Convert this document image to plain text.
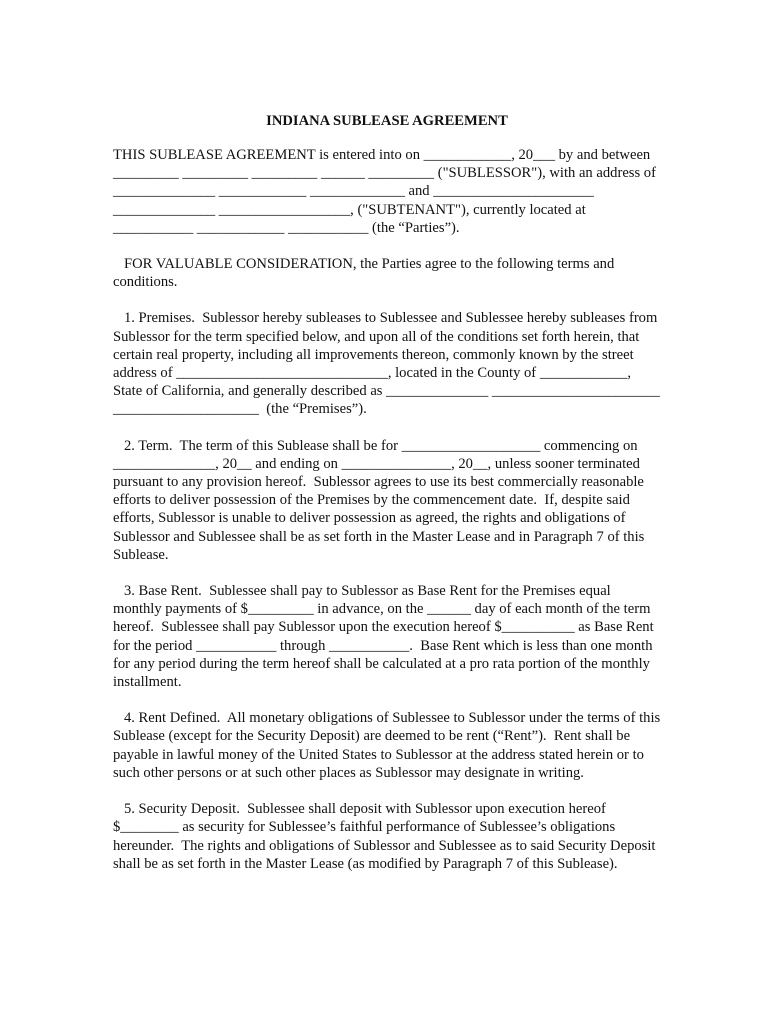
INDIANA SUBLEASE AGREEMENT

THIS SUBLEASE AGREEMENT is entered into on ____________, 20___ by and between _________ _________ _________ ______ _________ ("SUBLESSOR"), with an address of ______________ ____________ _____________ and ______________________ ______________ __________________, ("SUBTENANT"), currently located at ___________ ____________ ___________ (the “Parties”).

FOR VALUABLE CONSIDERATION, the Parties agree to the following terms and conditions.

1. Premises.  Sublessor hereby subleases to Sublessee and Sublessee hereby subleases from Sublessor for the term specified below, and upon all of the conditions set forth herein, that certain real property, including all improvements thereon, commonly known by the street address of _____________________________, located in the County of ____________, State of California, and generally described as ______________ _______________________ ____________________  (the “Premises”).

2. Term.  The term of this Sublease shall be for ___________________ commencing on ______________, 20__ and ending on _______________, 20__, unless sooner terminated pursuant to any provision hereof.  Sublessor agrees to use its best commercially reasonable efforts to deliver possession of the Premises by the commencement date.  If, despite said efforts, Sublessor is unable to deliver possession as agreed, the rights and obligations of Sublessor and Sublessee shall be as set forth in the Master Lease and in Paragraph 7 of this Sublease.

3. Base Rent.  Sublessee shall pay to Sublessor as Base Rent for the Premises equal monthly payments of $_________ in advance, on the ______ day of each month of the term hereof.  Sublessee shall pay Sublessor upon the execution hereof $__________ as Base Rent for the period ___________ through ___________.  Base Rent which is less than one month for any period during the term hereof shall be calculated at a pro rata portion of the monthly installment.

4. Rent Defined.  All monetary obligations of Sublessee to Sublessor under the terms of this Sublease (except for the Security Deposit) are deemed to be rent (“Rent”).  Rent shall be payable in lawful money of the United States to Sublessor at the address stated herein or to such other persons or at such other places as Sublessor may designate in writing.

5. Security Deposit.  Sublessee shall deposit with Sublessor upon execution hereof $________ as security for Sublessee’s faithful performance of Sublessee’s obligations hereunder.  The rights and obligations of Sublessor and Sublessee as to said Security Deposit shall be as set forth in the Master Lease (as modified by Paragraph 7 of this Sublease).
